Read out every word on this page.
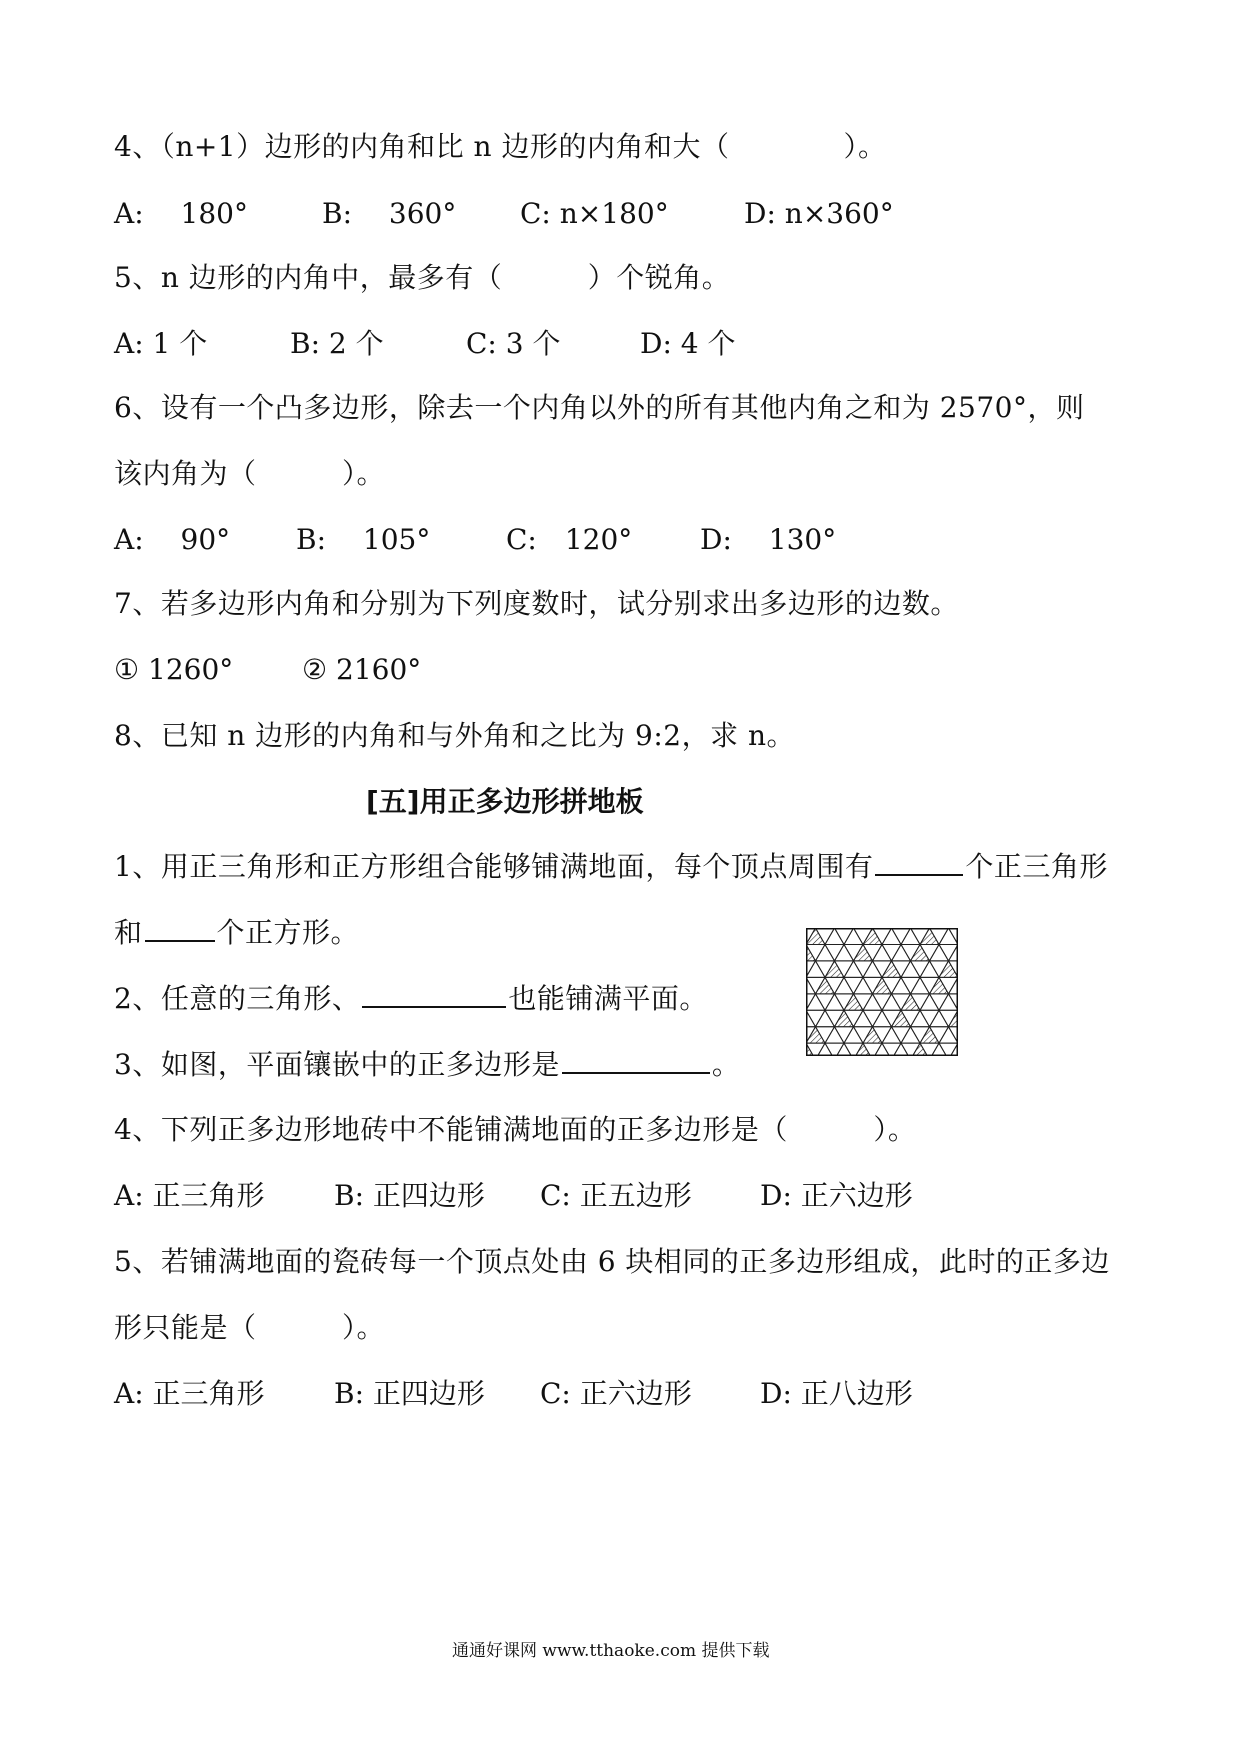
4、（n+1）边形的内角和比 n 边形的内角和大（　　　　）。
A:　 180°	B:　 360° C: n×180°	D: n×360°
5、n 边形的内角中，最多有（　　　）个锐角。
A: 1 个	B: 2 个	C: 3 个	D: 4 个
6、设有一个凸多边形，除去一个内角以外的所有其他内角之和为 2570°，则
该内角为（　　　）。
A:　 90° B:　 105°	C:　120° D:　 130°
7、若多边形内角和分别为下列度数时，试分别求出多边形的边数。
① 1260° ② 2160°
8、已知 n 边形的内角和与外角和之比为 9:2，求 n。
[五]用正多边形拼地板
1、用正三角形和正方形组合能够铺满地面，每个顶点周围有	个正三角形
和	个正方形。
2、任意的三角形、	也能铺满平面。
3、如图，平面镶嵌中的正多边形是	。
4、下列正多边形地砖中不能铺满地面的正多边形是（　　　）。
A: 正三角形 B: 正四边形 C: 正五边形 D: 正六边形
5、若铺满地面的瓷砖每一个顶点处由 6 块相同的正多边形组成，此时的正多边
形只能是（　　　）。
A: 正三角形 B: 正四边形 C: 正六边形 D: 正八边形
通通好课网 www.tthaoke.com 提供下载
